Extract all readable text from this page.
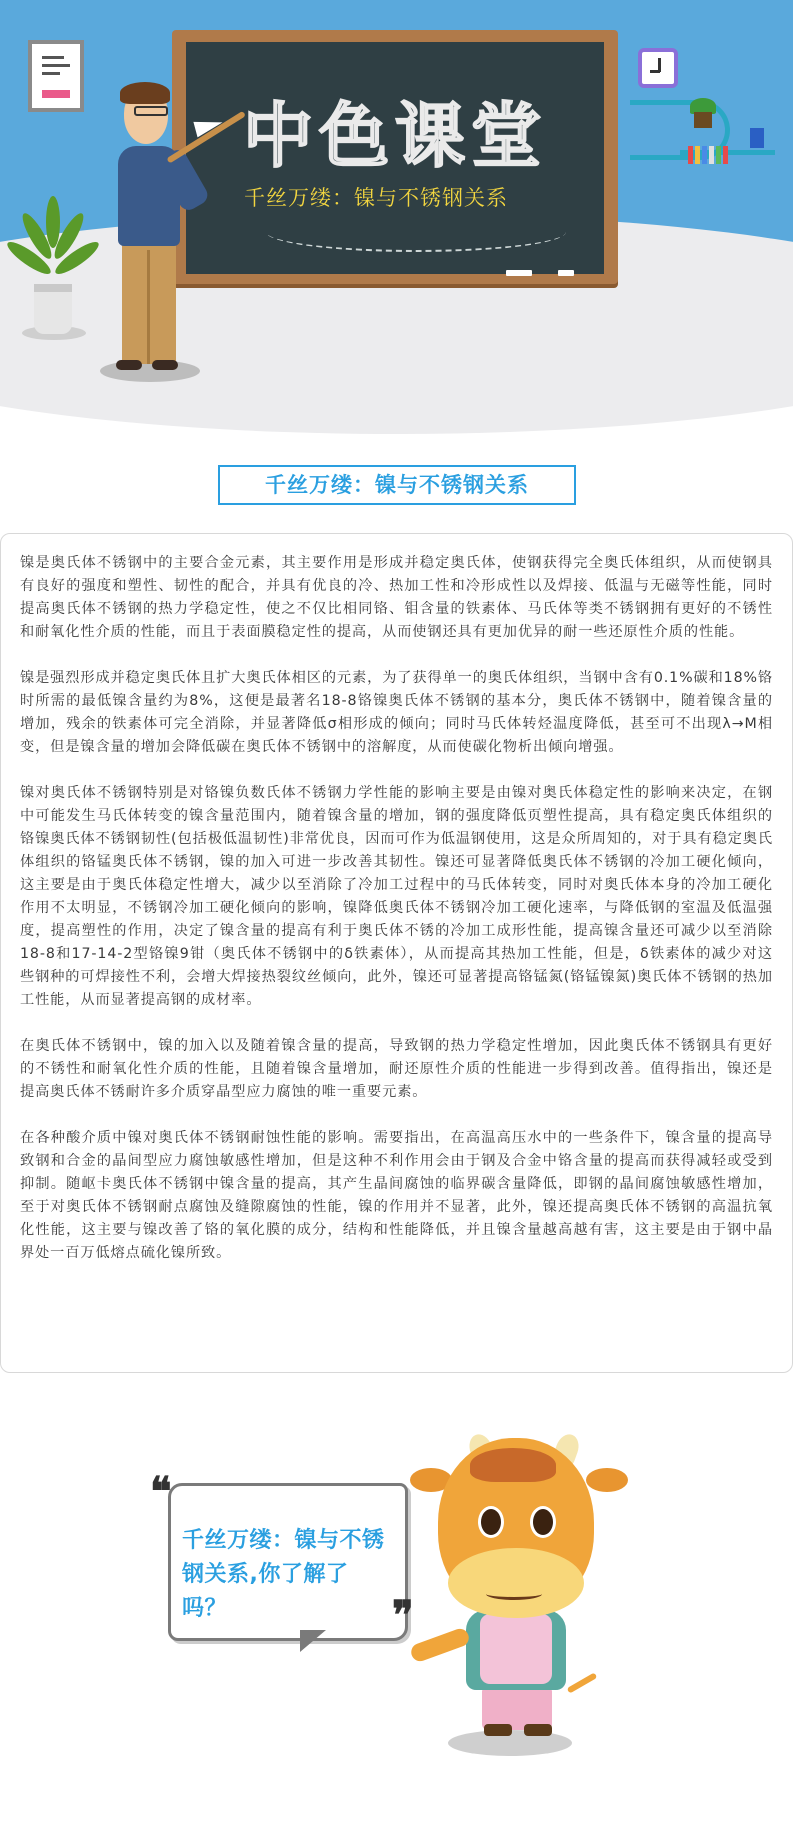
中色课堂
千丝万缕：镍与不锈钢关系
千丝万缕：镍与不锈钢关系

镍是奥氏体不锈钢中的主要合金元素，其主要作用是形成并稳定奥氏体，使钢获得完全奥氏体组织，从而使钢具有良好的强度和塑性、韧性的配合，并具有优良的冷、热加工性和冷形成性以及焊接、低温与无磁等性能，同时提高奥氏体不锈钢的热力学稳定性，使之不仅比相同铬、钼含量的铁素体、马氏体等类不锈钢拥有更好的不锈性和耐氧化性介质的性能，而且于表面膜稳定性的提高，从而使钢还具有更加优异的耐一些还原性介质的性能。

镍是强烈形成并稳定奥氏体且扩大奥氏体相区的元素，为了获得单一的奥氏体组织，当钢中含有0.1%碳和18%铬时所需的最低镍含量约为8%，这便是最著名18-8铬镍奥氏体不锈钢的基本分，奥氏体不锈钢中，随着镍含量的增加，残余的铁素体可完全消除，并显著降低σ相形成的倾向；同时马氏体转烃温度降低，甚至可不出现λ→M相变，但是镍含量的增加会降低碳在奥氏体不锈钢中的溶解度，从而使碳化物析出倾向增强。

镍对奥氏体不锈钢特别是对铬镍负数氏体不锈钢力学性能的影响主要是由镍对奥氏体稳定性的影响来决定，在钢中可能发生马氏体转变的镍含量范围内，随着镍含量的增加，钢的强度降低页塑性提高，具有稳定奥氏体组织的铬镍奥氏体不锈钢韧性(包括极低温韧性)非常优良，因而可作为低温钢使用，这是众所周知的，对于具有稳定奥氏体组织的铬锰奥氏体不锈钢，镍的加入可进一步改善其韧性。镍还可显著降低奥氏体不锈钢的冷加工硬化倾向，这主要是由于奥氏体稳定性增大，减少以至消除了冷加工过程中的马氏体转变，同时对奥氏体本身的冷加工硬化作用不太明显，不锈钢冷加工硬化倾向的影响，镍降低奥氏体不锈钢冷加工硬化速率，与降低钢的室温及低温强度，提高塑性的作用，决定了镍含量的提高有利于奥氏体不锈的冷加工成形性能，提高镍含量还可减少以至消除18-8和17-14-2型铬镍9钳（奥氏体不锈钢中的δ铁素体），从而提高其热加工性能，但是，δ铁素体的减少对这些钢种的可焊接性不利，会增大焊接热裂纹丝倾向，此外，镍还可显著提高铬锰氮(铬锰镍氮)奥氏体不锈钢的热加工性能，从而显著提高钢的成材率。

在奥氏体不锈钢中，镍的加入以及随着镍含量的提高，导致钢的热力学稳定性增加，因此奥氏体不锈钢具有更好的不锈性和耐氧化性介质的性能，且随着镍含量增加，耐还原性介质的性能进一步得到改善。值得指出，镍还是提高奥氏体不锈耐许多介质穿晶型应力腐蚀的唯一重要元素。

在各种酸介质中镍对奥氏体不锈钢耐蚀性能的影响。需要指出，在高温高压水中的一些条件下，镍含量的提高导致钢和合金的晶间型应力腐蚀敏感性增加，但是这种不利作用会由于钢及合金中铬含量的提高而获得减轻或受到抑制。随岖卡奥氏体不锈钢中镍含量的提高，其产生晶间腐蚀的临界碳含量降低，即钢的晶间腐蚀敏感性增加，至于对奥氏体不锈钢耐点腐蚀及缝隙腐蚀的性能，镍的作用并不显著，此外，镍还提高奥氏体不锈钢的高温抗氧化性能，这主要与镍改善了铬的氧化膜的成分，结构和性能降低，并且镍含量越高越有害，这主要是由于钢中晶界处一百万低熔点硫化镍所致。

❝
❞
千丝万缕：镍与不锈钢关系,你了解了吗？
